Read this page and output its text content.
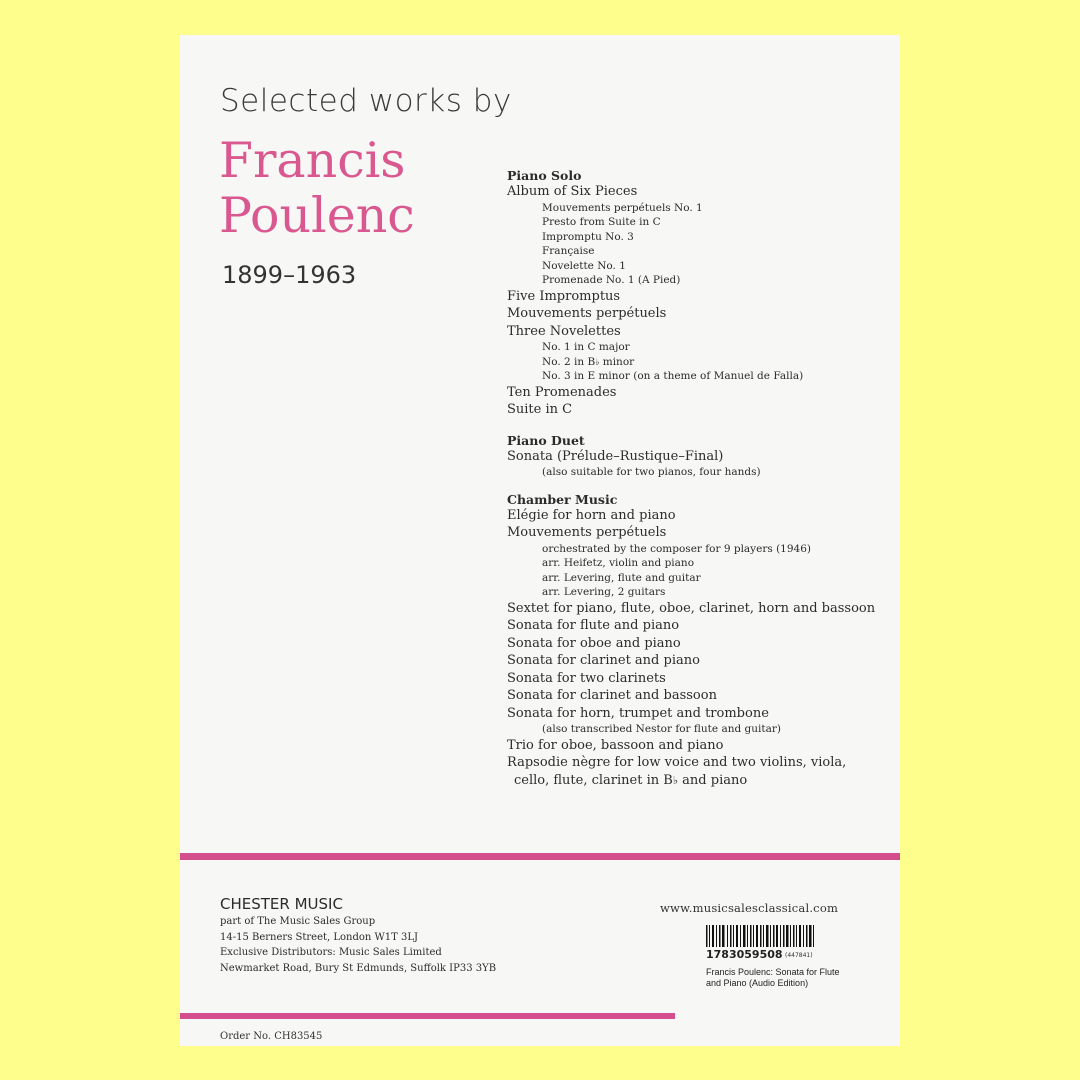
Selected works by
Francis
Poulenc
1899–1963
Piano Solo
Album of Six Pieces
Mouvements perpétuels No. 1
Presto from Suite in C
Impromptu No. 3
Française
Novelette No. 1
Promenade No. 1 (A Pied)
Five Impromptus
Mouvements perpétuels
Three Novelettes
No. 1 in C major
No. 2 in B♭ minor
No. 3 in E minor (on a theme of Manuel de Falla)
Ten Promenades
Suite in C
Piano Duet
Sonata (Prélude–Rustique–Final)
(also suitable for two pianos, four hands)
Chamber Music
Elégie for horn and piano
Mouvements perpétuels
orchestrated by the composer for 9 players (1946)
arr. Heifetz, violin and piano
arr. Levering, flute and guitar
arr. Levering, 2 guitars
Sextet for piano, flute, oboe, clarinet, horn and bassoon
Sonata for flute and piano
Sonata for oboe and piano
Sonata for clarinet and piano
Sonata for two clarinets
Sonata for clarinet and bassoon
Sonata for horn, trumpet and trombone
(also transcribed Nestor for flute and guitar)
Trio for oboe, bassoon and piano
Rapsodie nègre for low voice and two violins, viola,
cello, flute, clarinet in B♭ and piano
CHESTER MUSIC
part of The Music Sales Group
14-15 Berners Street, London W1T 3LJ
Exclusive Distributors: Music Sales Limited
Newmarket Road, Bury St Edmunds, Suffolk IP33 3YB
www.musicsalesclassical.com
1783059508 (447841)
Francis Poulenc: Sonata for Flute
and Piano (Audio Edition)
Order No. CH83545
